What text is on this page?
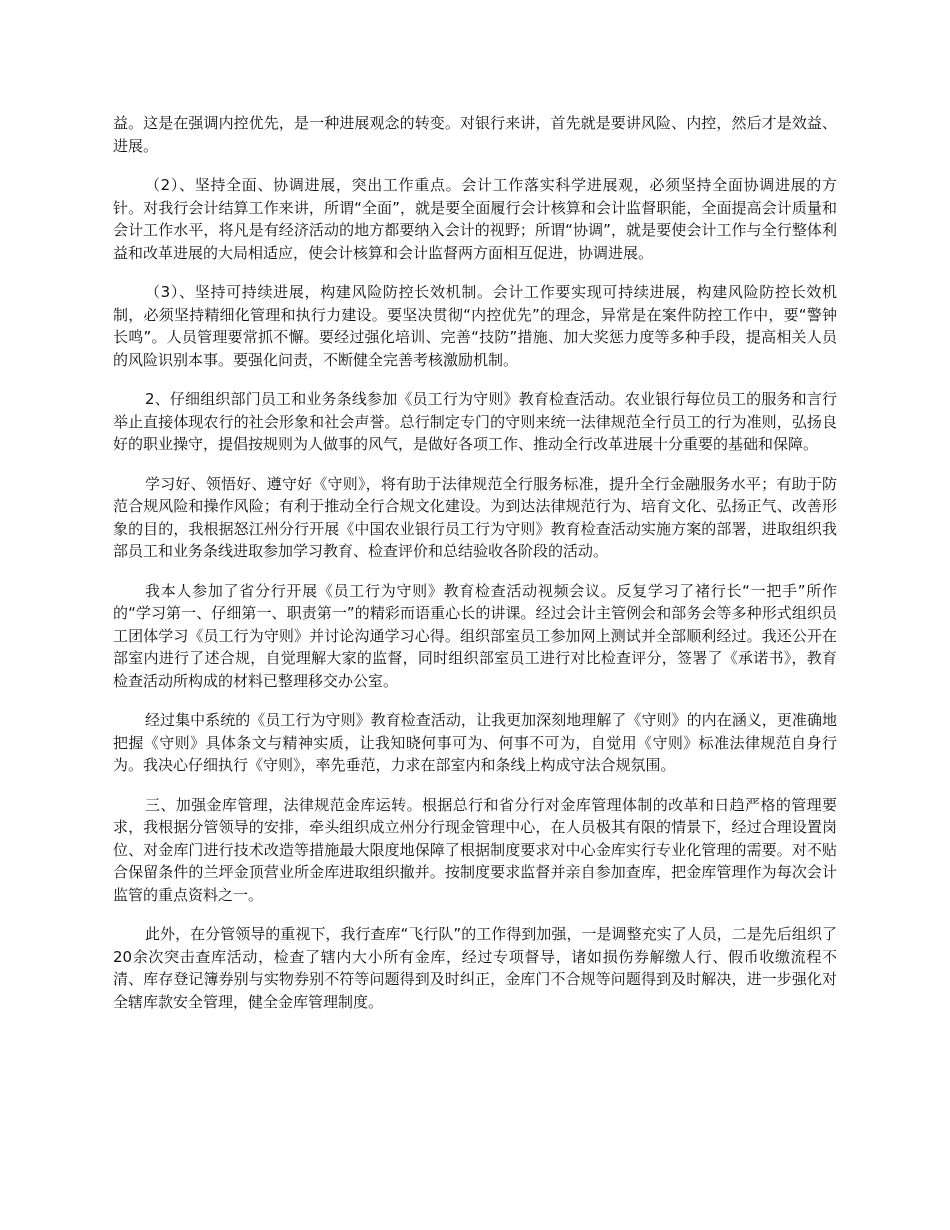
益。这是在强调内控优先，是一种进展观念的转变。对银行来讲，首先就是要讲风险、内控，然后才是效益、进展。

（2）、坚持全面、协调进展，突出工作重点。会计工作落实科学进展观，必须坚持全面协调进展的方针。对我行会计结算工作来讲，所谓“全面”，就是要全面履行会计核算和会计监督职能，全面提高会计质量和会计工作水平，将凡是有经济活动的地方都要纳入会计的视野；所谓“协调”，就是要使会计工作与全行整体利益和改革进展的大局相适应，使会计核算和会计监督两方面相互促进，协调进展。

（3）、坚持可持续进展，构建风险防控长效机制。会计工作要实现可持续进展，构建风险防控长效机制，必须坚持精细化管理和执行力建设。要坚决贯彻“内控优先”的理念，异常是在案件防控工作中，要“警钟长鸣”。人员管理要常抓不懈。要经过强化培训、完善“技防”措施、加大奖惩力度等多种手段，提高相关人员的风险识别本事。要强化问责，不断健全完善考核激励机制。

2、仔细组织部门员工和业务条线参加《员工行为守则》教育检查活动。农业银行每位员工的服务和言行举止直接体现农行的社会形象和社会声誉。总行制定专门的守则来统一法律规范全行员工的行为准则，弘扬良好的职业操守，提倡按规则为人做事的风气，是做好各项工作、推动全行改革进展十分重要的基础和保障。

学习好、领悟好、遵守好《守则》，将有助于法律规范全行服务标准，提升全行金融服务水平；有助于防范合规风险和操作风险；有利于推动全行合规文化建设。为到达法律规范行为、培育文化、弘扬正气、改善形象的目的，我根据怒江州分行开展《中国农业银行员工行为守则》教育检查活动实施方案的部署，进取组织我部员工和业务条线进取参加学习教育、检查评价和总结验收各阶段的活动。

我本人参加了省分行开展《员工行为守则》教育检查活动视频会议。反复学习了褚行长“一把手”所作的“学习第一、仔细第一、职责第一”的精彩而语重心长的讲课。经过会计主管例会和部务会等多种形式组织员工团体学习《员工行为守则》并讨论沟通学习心得。组织部室员工参加网上测试并全部顺利经过。我还公开在部室内进行了述合规，自觉理解大家的监督，同时组织部室员工进行对比检查评分，签署了《承诺书》，教育检查活动所构成的材料已整理移交办公室。

经过集中系统的《员工行为守则》教育检查活动，让我更加深刻地理解了《守则》的内在涵义，更准确地把握《守则》具体条文与精神实质，让我知晓何事可为、何事不可为，自觉用《守则》标准法律规范自身行为。我决心仔细执行《守则》，率先垂范，力求在部室内和条线上构成守法合规氛围。

三、加强金库管理，法律规范金库运转。根据总行和省分行对金库管理体制的改革和日趋严格的管理要求，我根据分管领导的安排，牵头组织成立州分行现金管理中心，在人员极其有限的情景下，经过合理设置岗位、对金库门进行技术改造等措施最大限度地保障了根据制度要求对中心金库实行专业化管理的需要。对不贴合保留条件的兰坪金顶营业所金库进取组织撤并。按制度要求监督并亲自参加查库，把金库管理作为每次会计监管的重点资料之一。

此外，在分管领导的重视下，我行查库“飞行队”的工作得到加强，一是调整充实了人员，二是先后组织了20余次突击查库活动，检查了辖内大小所有金库，经过专项督导，诸如损伤券解缴人行、假币收缴流程不清、库存登记簿券别与实物券别不符等问题得到及时纠正，金库门不合规等问题得到及时解决，进一步强化对全辖库款安全管理，健全金库管理制度。
